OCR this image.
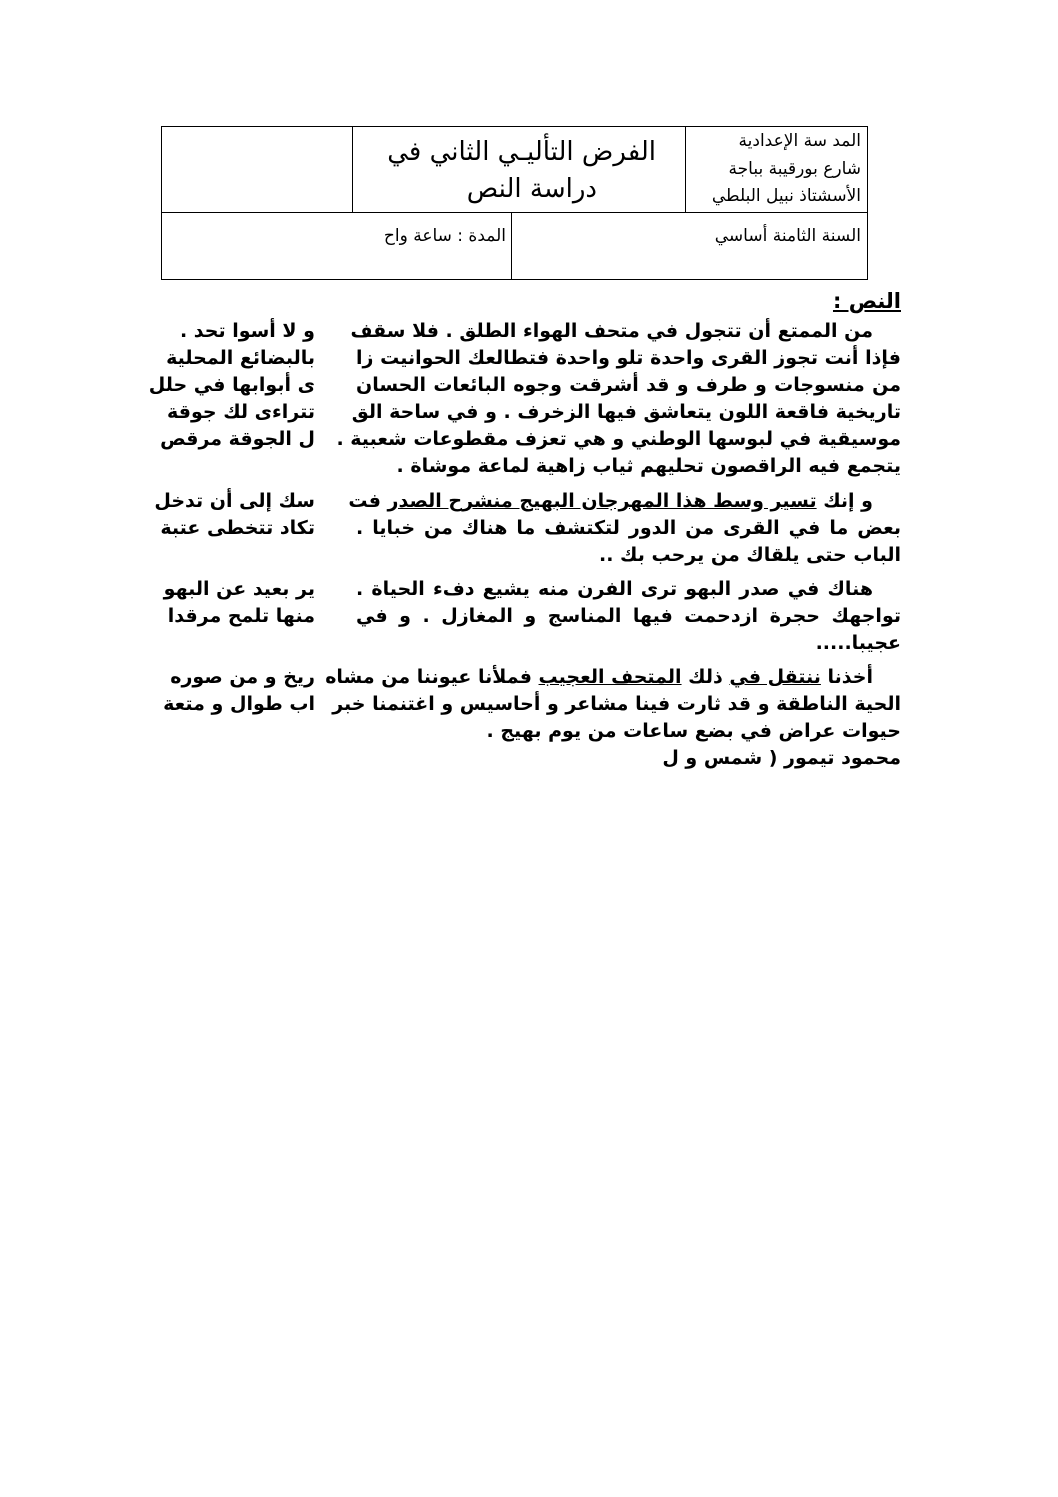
المد سة الإعدادية
شارع بورقيبة بباجة
الأسشتاذ نبيل البلطي
الفرض التأليـي الثاني في
دراسة النص
السنة الثامنة أساسي
المدة : ساعة واح
النص :
من الممتع أن تتجول في متحف الهواء الطلق . فلا سقف
فإذا أنت تجوز القرى واحدة تلو واحدة فتطالعك الحوانيت زا
من منسوجات و طرف و قد أشرقت وجوه البائعات الحسان
تاريخية فاقعة اللون يتعاشق فيها الزخرف . و في ساحة الق
موسيقية في لبوسها الوطني و هي تعزف مقطوعات شعبية .
يتجمع فيه الراقصون تحليهم ثياب زاهية لماعة موشاة .
و إنك تسير وسط هذا المهرجان البهيج منشرح الصدر فت
بعض ما في القرى من الدور لتكتشف ما هناك من خبايا .
الباب حتى يلقاك من يرحب بك ..
هناك في صدر البهو ترى الفرن منه يشيع دفء الحياة .
تواجهك حجرة ازدحمت فيها المناسج و المغازل . و في
عجيبا.....
أخذنا ننتقل في ذلك المتحف العجيب فملأنا عيوننا من مشاه
الحية الناطقة و قد ثارت فينا مشاعر و أحاسيس و اغتنمنا خبر
حيوات عراض في بضع ساعات من يوم بهيج .
محمود تيمور ( شمس و ل
و لا أسوا تحد .
بالبضائع المحلية
ى أبوابها في حلل
تتراءى لك جوقة
ل الجوقة مرقص
سك إلى أن تدخل
تكاد تتخطى عتبة
ير بعيد عن البهو
منها تلمح مرقدا
ريخ و من صوره
اب طوال و متعة
